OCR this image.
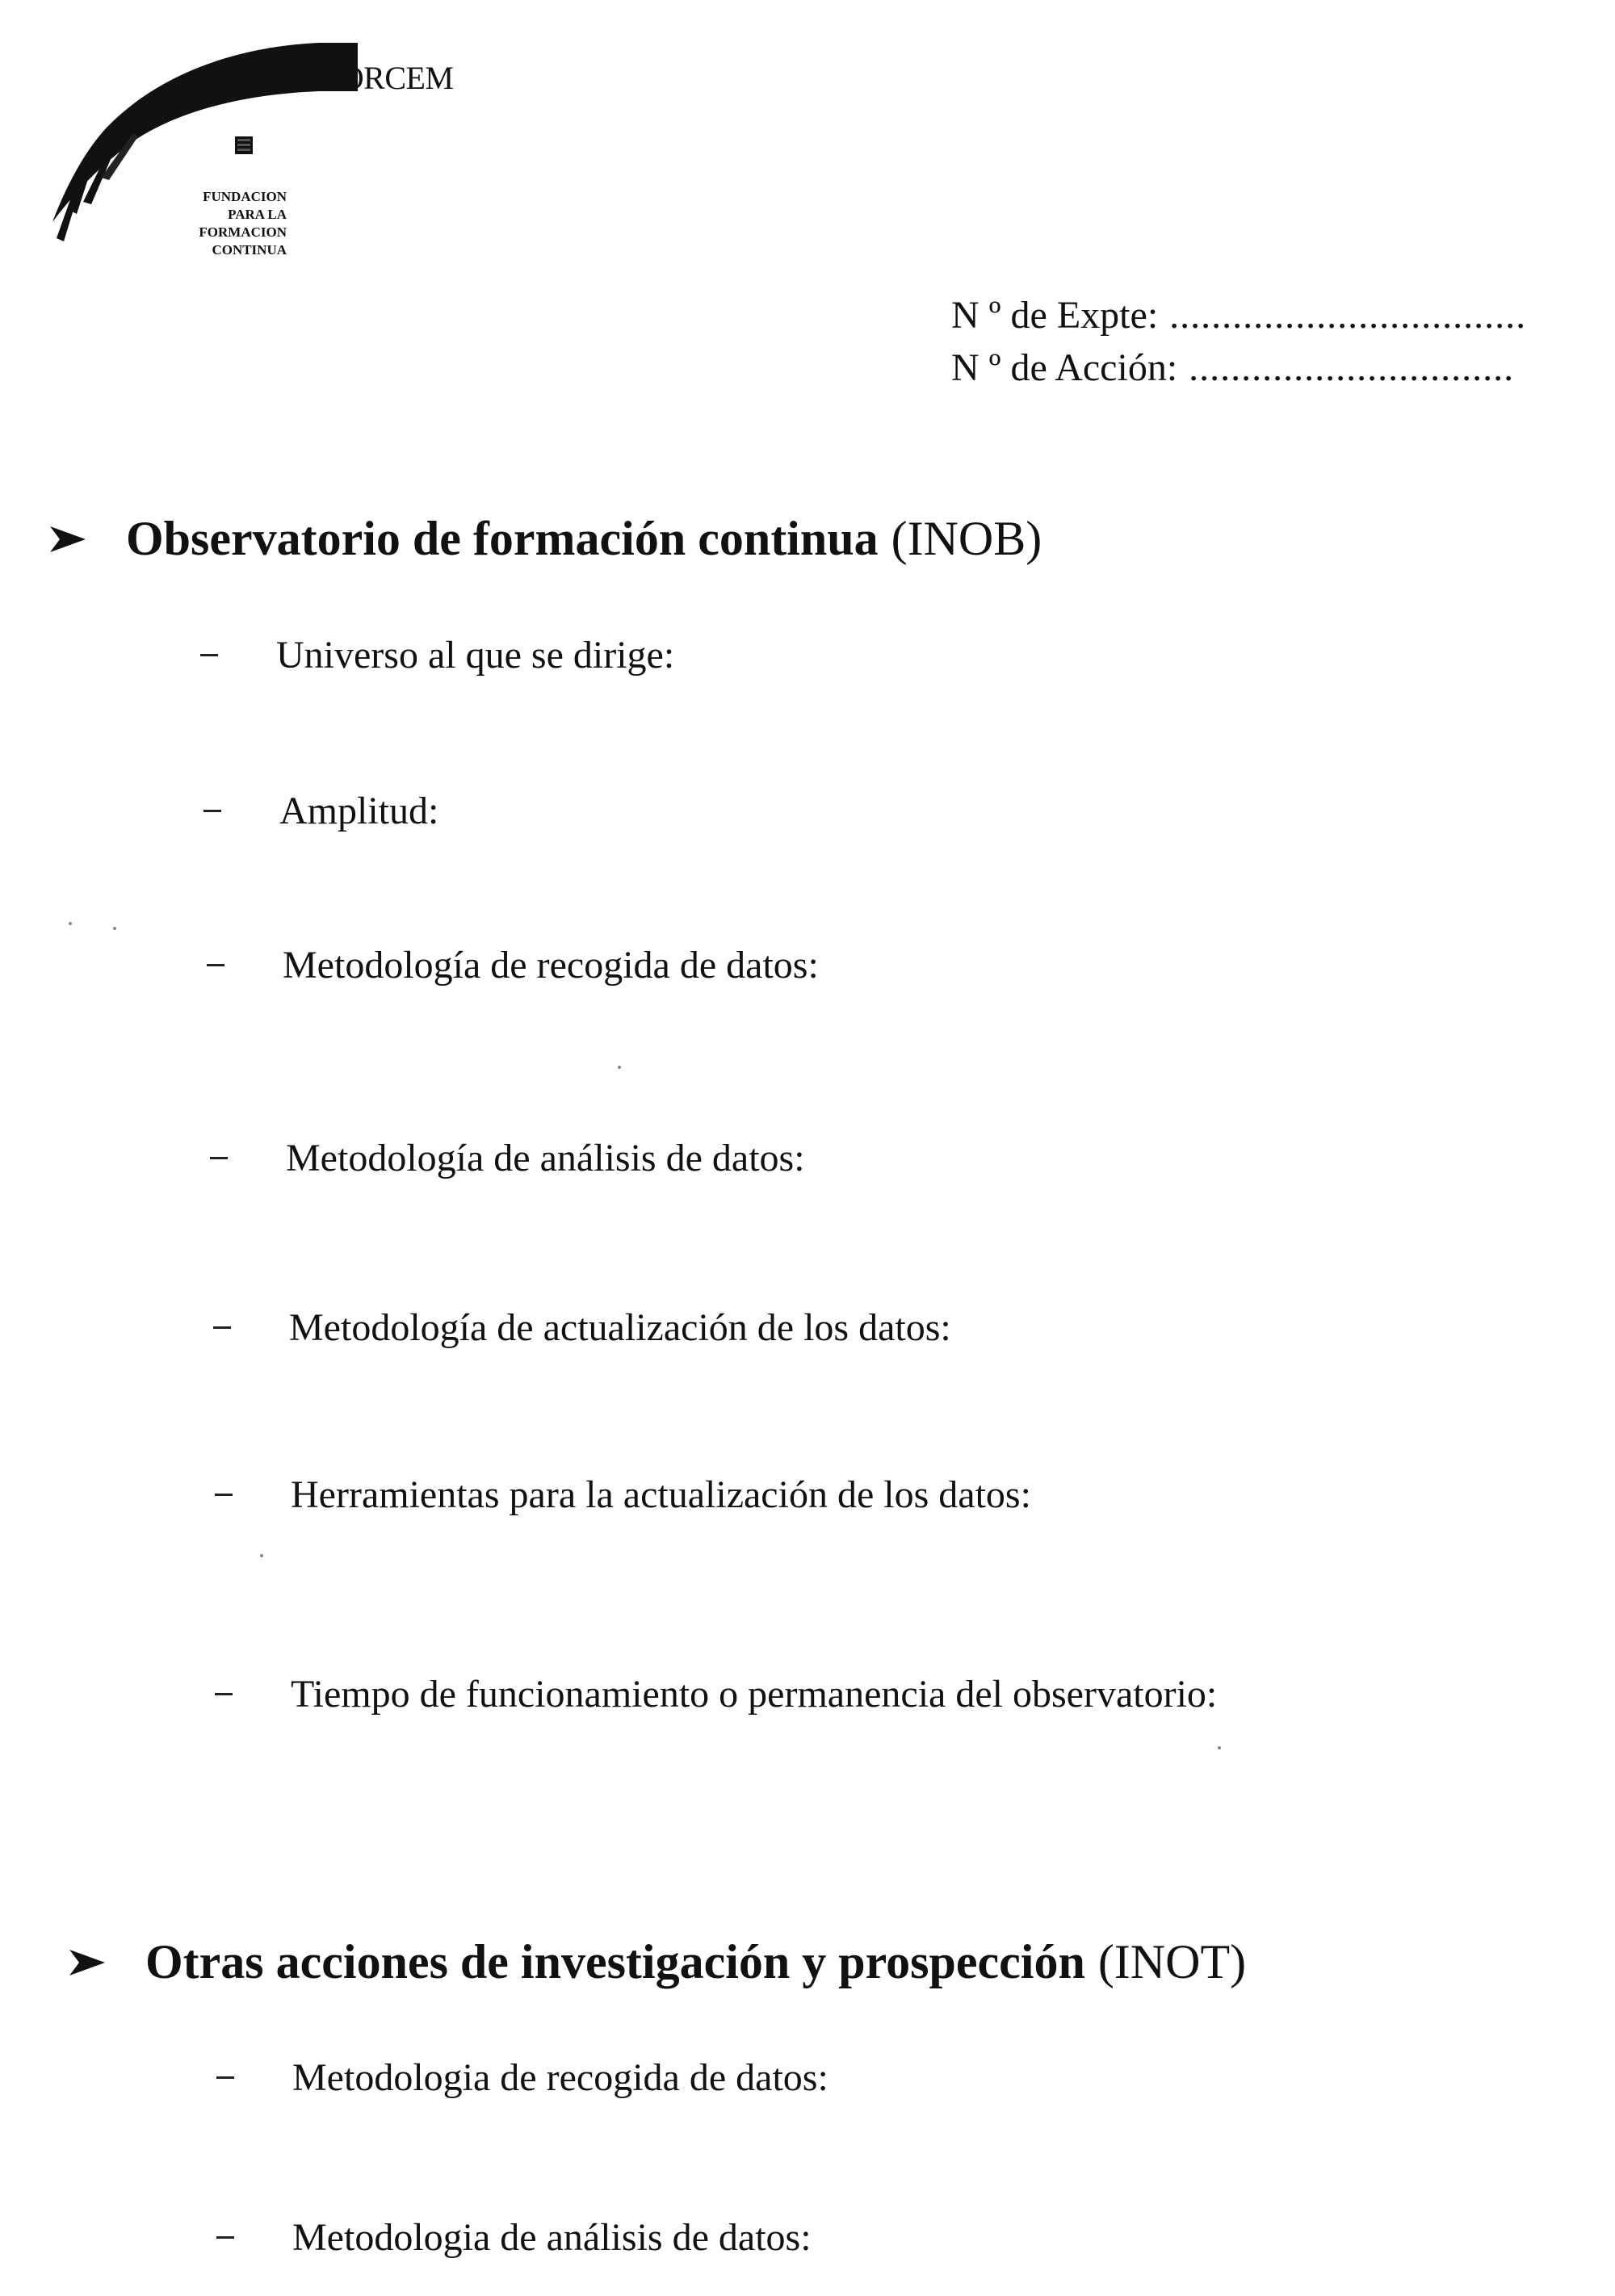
FORCEM
FUNDACION
PARA LA
FORMACION
CONTINUA
N º de Expte: ..................................
N º de Acción: ...............................
Observatorio de formación continua (INOB)
Universo al que se dirige:
Amplitud:
Metodología de recogida de datos:
Metodología de análisis de datos:
Metodología de actualización de los datos:
Herramientas para la actualización de los datos:
Tiempo de funcionamiento o permanencia del observatorio:
Otras acciones de investigación y prospección (INOT)
Metodologia de recogida de datos:
Metodologia de análisis de datos:
